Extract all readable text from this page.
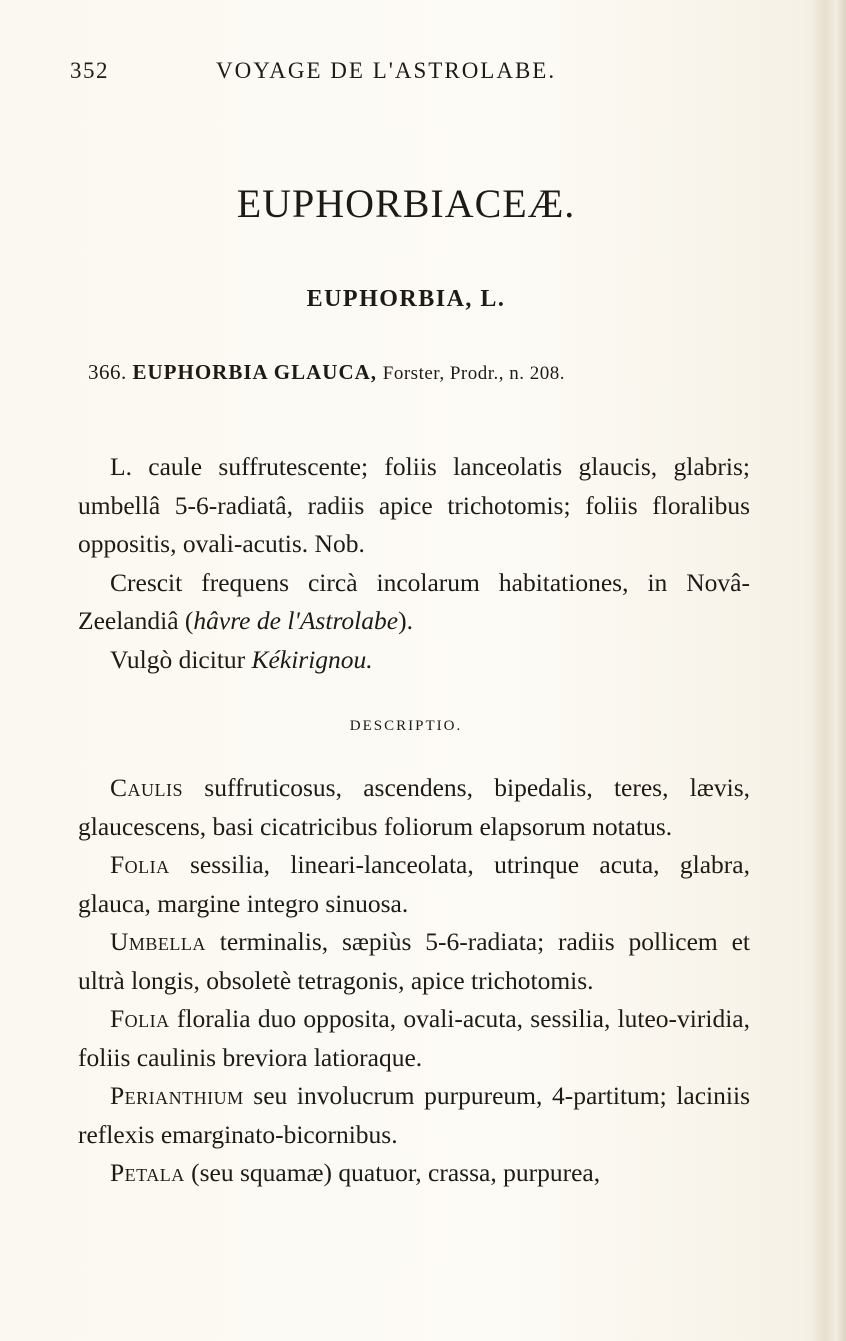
352	VOYAGE DE L'ASTROLABE.
EUPHORBIACEÆ.
EUPHORBIA, L.
366. EUPHORBIA GLAUCA, Forster, Prodr., n. 208.

L. caule suffrutescente; foliis lanceolatis glaucis, glabris; umbellâ 5-6-radiatâ, radiis apice trichotomis; foliis floralibus oppositis, ovali-acutis. Nob.

Crescit frequens circà incolarum habitationes, in Novâ-Zeelandiâ (hâvre de l'Astrolabe).

Vulgò dicitur Kékirignou.

DESCRIPTIO.

Caulis suffruticosus, ascendens, bipedalis, teres, lævis, glaucescens, basi cicatricibus foliorum elapsorum notatus.

Folia sessilia, lineari-lanceolata, utrinque acuta, glabra, glauca, margine integro sinuosa.

Umbella terminalis, sæpiùs 5-6-radiata; radiis pollicem et ultrà longis, obsoletè tetragonis, apice trichotomis.

Folia floralia duo opposita, ovali-acuta, sessilia, luteo-viridia, foliis caulinis breviora latioraque.

Perianthium seu involucrum purpureum, 4-partitum; laciniis reflexis emarginato-bicornibus.

Petala (seu squamæ) quatuor, crassa, purpurea,
